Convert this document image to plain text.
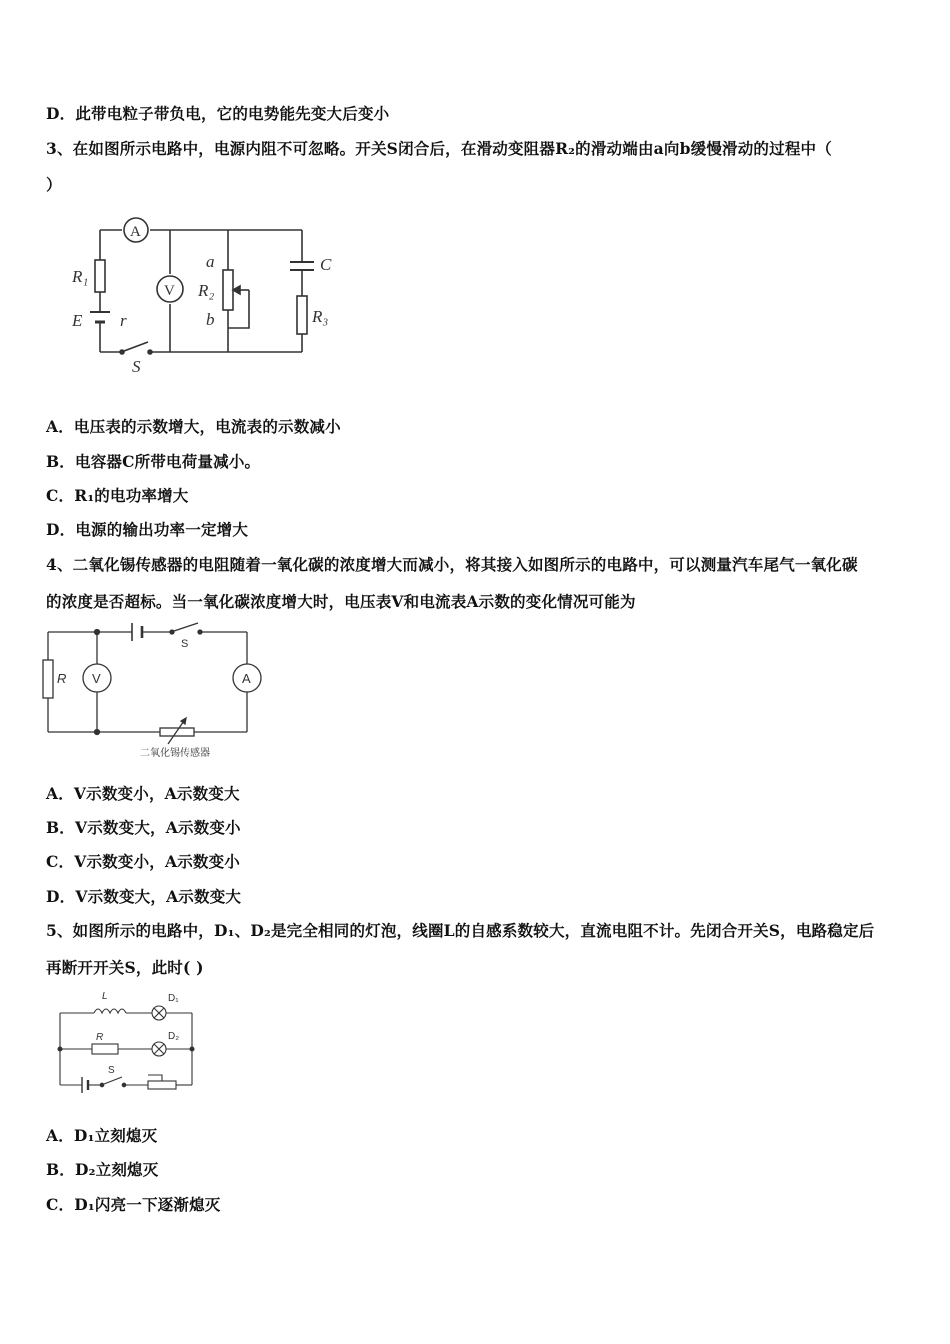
D．此带电粒子带负电，它的电势能先变大后变小
3、在如图所示电路中，电源内阻不可忽略。开关S闭合后，在滑动变阻器R₂的滑动端由a向b缓慢滑动的过程中（
）
A
V
R₁
E r
S
a
R₂
b
C
R₃
A．电压表的示数增大，电流表的示数减小
B．电容器C所带电荷量减小。
C．R₁的电功率增大
D．电源的输出功率一定增大
4、二氧化锡传感器的电阻随着一氧化碳的浓度增大而减小，将其接入如图所示的电路中，可以测量汽车尾气一氧化碳
的浓度是否超标。当一氧化碳浓度增大时，电压表V和电流表A示数的变化情况可能为
R V	A
S
二氧化锡传感器
A．V示数变小，A示数变大
B．V示数变大，A示数变小
C．V示数变小，A示数变小
D．V示数变大，A示数变大
5、如图所示的电路中，D₁、D₂是完全相同的灯泡，线圈L的自感系数较大，直流电阻不计。先闭合开关S，电路稳定后
再断开开关S，此时( )
L	D₁
R	D₂
S
A．D₁立刻熄灭
B．D₂立刻熄灭
C．D₁闪亮一下逐渐熄灭
